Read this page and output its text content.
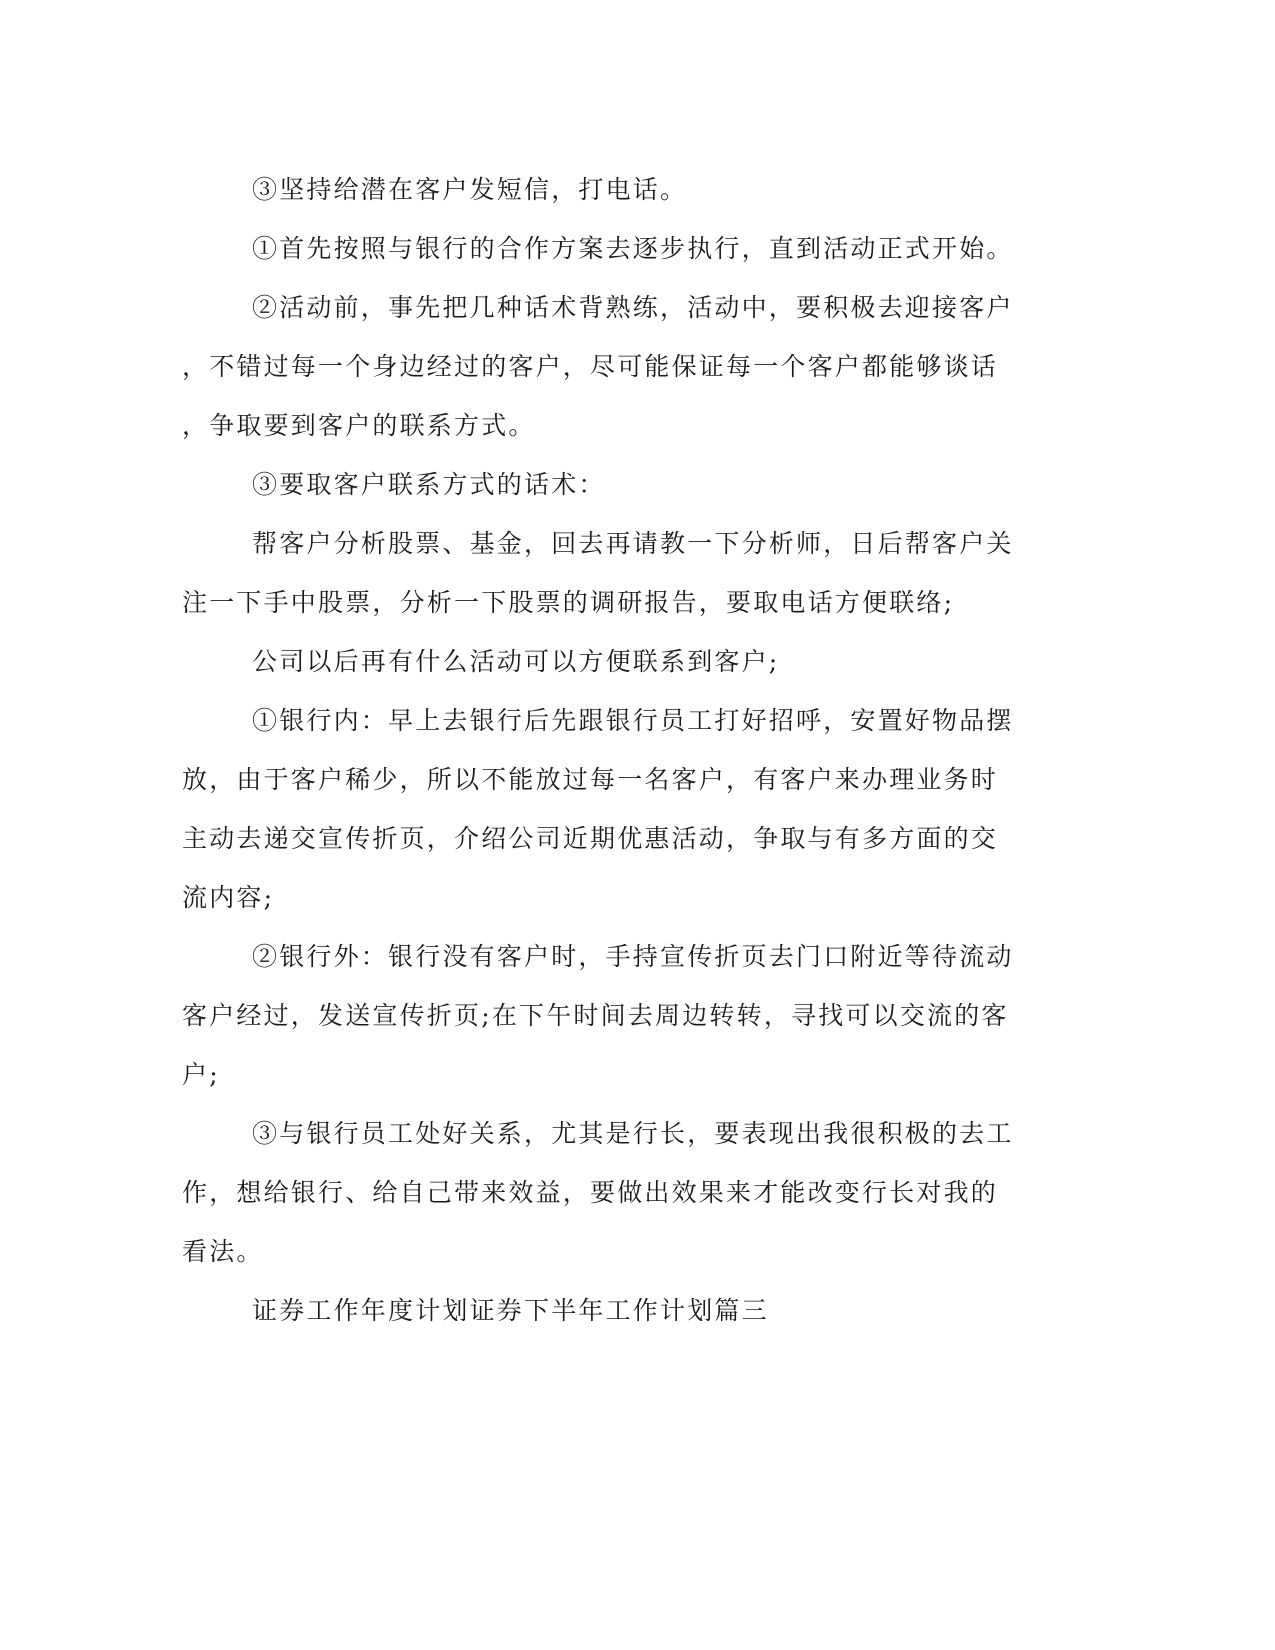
③坚持给潜在客户发短信，打电话。

①首先按照与银行的合作方案去逐步执行，直到活动正式开始。

②活动前，事先把几种话术背熟练，活动中，要积极去迎接客户

，不错过每一个身边经过的客户，尽可能保证每一个客户都能够谈话

，争取要到客户的联系方式。

③要取客户联系方式的话术：

帮客户分析股票、基金，回去再请教一下分析师，日后帮客户关

注一下手中股票，分析一下股票的调研报告，要取电话方便联络;

公司以后再有什么活动可以方便联系到客户;

①银行内：早上去银行后先跟银行员工打好招呼，安置好物品摆

放，由于客户稀少，所以不能放过每一名客户，有客户来办理业务时

主动去递交宣传折页，介绍公司近期优惠活动，争取与有多方面的交

流内容;

②银行外：银行没有客户时，手持宣传折页去门口附近等待流动

客户经过，发送宣传折页;在下午时间去周边转转，寻找可以交流的客

户;

③与银行员工处好关系，尤其是行长，要表现出我很积极的去工

作，想给银行、给自己带来效益，要做出效果来才能改变行长对我的

看法。

证券工作年度计划证券下半年工作计划篇三
